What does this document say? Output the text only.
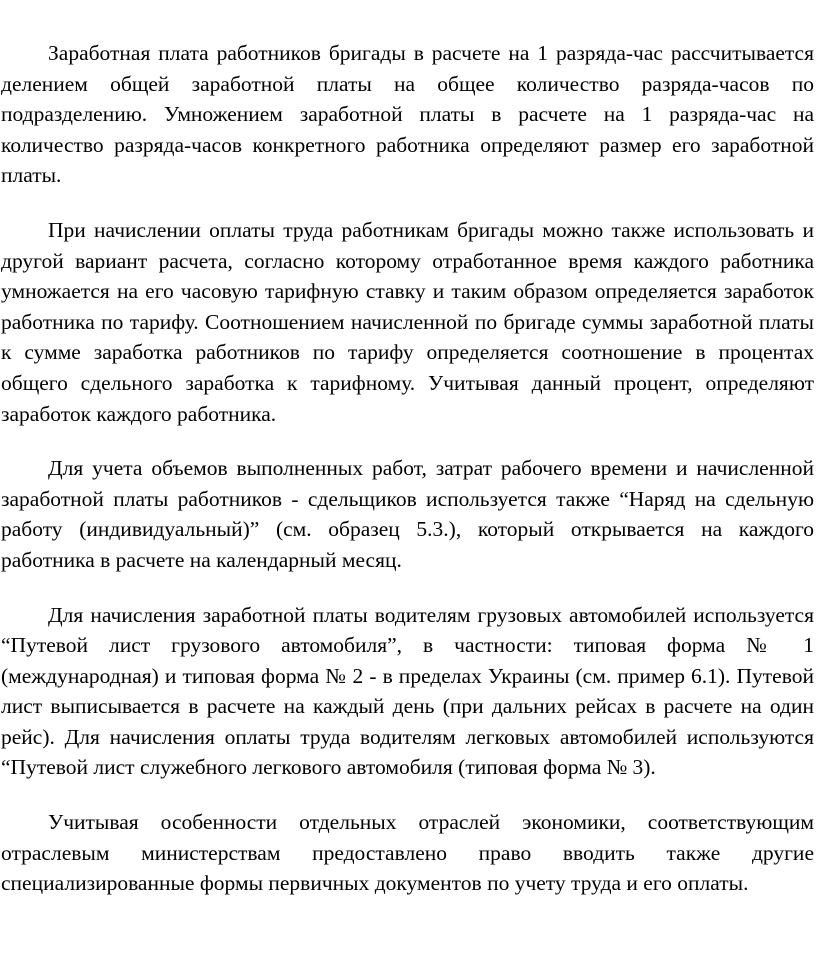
Заработная плата работников бригады в расчете на 1 разряда-час рассчитывается делением общей заработной платы на общее количество разряда-часов по подразделению. Умножением заработной платы в расчете на 1 разряда-час на количество разряда-часов конкретного работника определяют размер его заработной платы.

При начислении оплаты труда работникам бригады можно также использовать и другой вариант расчета, согласно которому отработанное время каждого работника умножается на его часовую тарифную ставку и таким образом определяется заработок работника по тарифу. Соотношением начисленной по бригаде суммы заработной платы к сумме заработка работников по тарифу определяется соотношение в процентах общего сдельного заработка к тарифному. Учитывая данный процент, определяют заработок каждого работника.

Для учета объемов выполненных работ, затрат рабочего времени и начисленной заработной платы работников - сдельщиков используется также “Наряд на сдельную работу (индивидуальный)” (см. образец 5.3.), который открывается на каждого работника в расчете на календарный месяц.

Для начисления заработной платы водителям грузовых автомобилей используется “Путевой лист грузового автомобиля”, в частности: типовая форма № 1 (международная) и типовая форма № 2 - в пределах Украины (см. пример 6.1). Путевой лист выписывается в расчете на каждый день (при дальних рейсах в расчете на один рейс). Для начисления оплаты труда водителям легковых автомобилей используются “Путевой лист служебного легкового автомобиля (типовая форма № 3).

Учитывая особенности отдельных отраслей экономики, соответствующим отраслевым министерствам предоставлено право вводить также другие специализированные формы первичных документов по учету труда и его оплаты.
